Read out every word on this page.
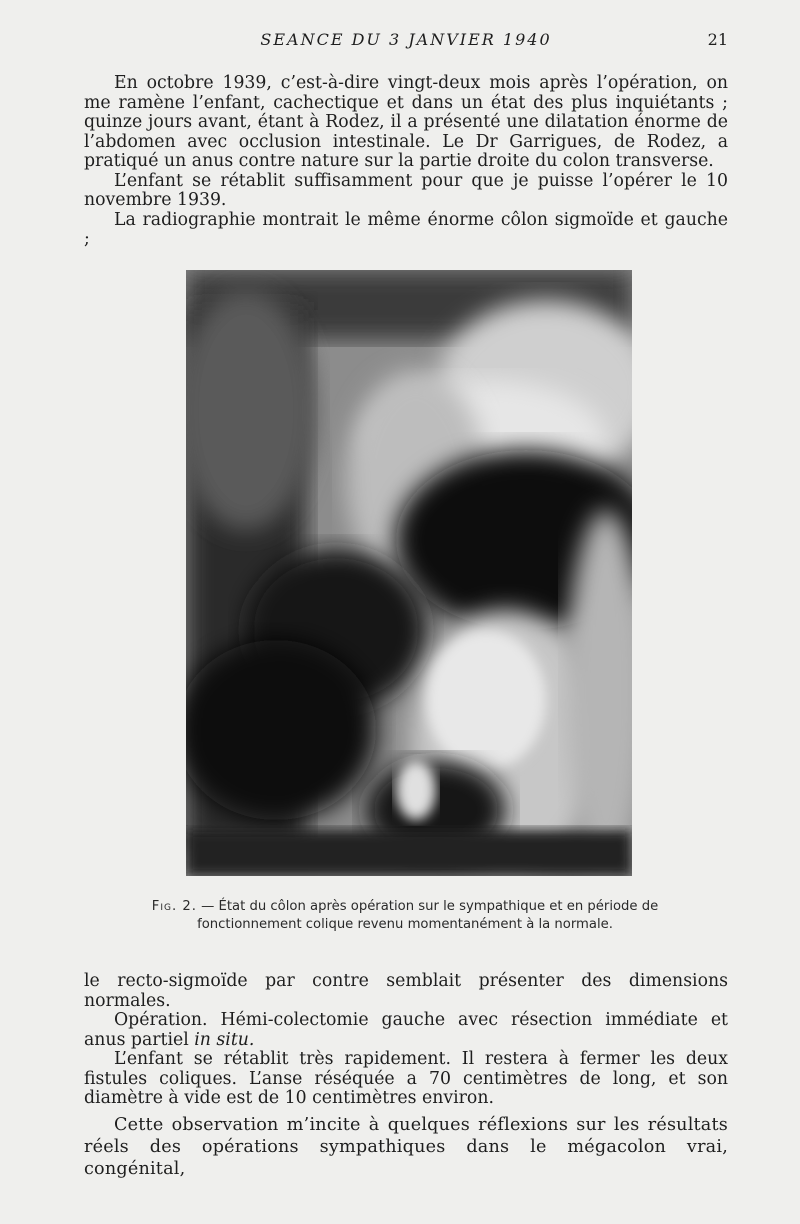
SEANCE DU 3 JANVIER 1940	21

En octobre 1939, c’est-à-dire vingt-deux mois après l’opération, on me ramène l’enfant, cachectique et dans un état des plus inquiétants ; quinze jours avant, étant à Rodez, il a présenté une dilatation énorme de l’abdomen avec occlusion intestinale. Le Dr Garrigues, de Rodez, a pratiqué un anus contre nature sur la partie droite du colon transverse.

L’enfant se rétablit suffisamment pour que je puisse l’opérer le 10 novembre 1939.

La radiographie montrait le même énorme côlon sigmoïde et gauche ;

Fig. 2. — État du côlon après opération sur le sympathique et en période de fonctionnement colique revenu momentanément à la normale.

le recto-sigmoïde par contre semblait présenter des dimensions normales.

Opération. Hémi-colectomie gauche avec résection immédiate et anus partiel in situ.

L’enfant se rétablit très rapidement. Il restera à fermer les deux fistules coliques. L’anse réséquée a 70 centimètres de long, et son diamètre à vide est de 10 centimètres environ.

Cette observation m’incite à quelques réflexions sur les résultats réels des opérations sympathiques dans le mégacolon vrai, congénital,
